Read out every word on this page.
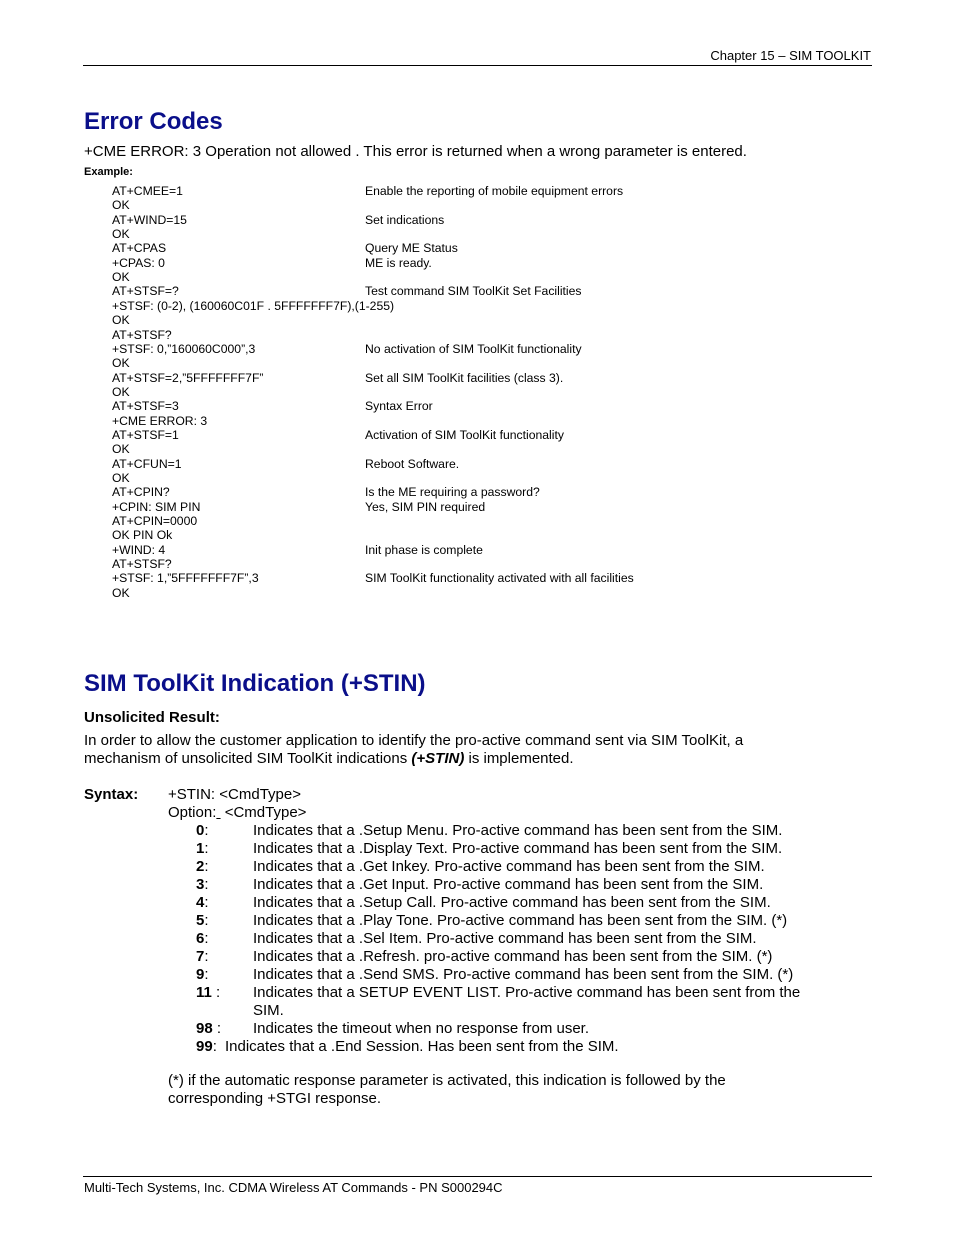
Chapter 15 – SIM TOOLKIT
Error Codes
+CME ERROR: 3 Operation not allowed . This error is returned when a wrong parameter is entered.
Example:
AT+CMEE=1	Enable the reporting of mobile equipment errors
OK
AT+WIND=15	Set indications
OK
AT+CPAS	Query ME Status
+CPAS: 0	ME is ready.
OK
AT+STSF=?	Test command SIM ToolKit Set Facilities
+STSF: (0-2), (160060C01F . 5FFFFFFF7F),(1-255)
OK
AT+STSF?
+STSF: 0,”160060C000”,3	No activation of SIM ToolKit functionality
OK
AT+STSF=2,”5FFFFFFF7F”	Set all SIM ToolKit facilities (class 3).
OK
AT+STSF=3	Syntax Error
+CME ERROR: 3
AT+STSF=1	Activation of SIM ToolKit functionality
OK
AT+CFUN=1	Reboot Software.
OK
AT+CPIN?	Is the ME requiring a password?
+CPIN: SIM PIN	Yes, SIM PIN required
AT+CPIN=0000
OK PIN Ok
+WIND: 4	Init phase is complete
AT+STSF?
+STSF: 1,”5FFFFFFF7F”,3	SIM ToolKit functionality activated with all facilities
OK
SIM ToolKit Indication (+STIN)
Unsolicited Result:
In order to allow the customer application to identify the pro-active command sent via SIM ToolKit, a mechanism of unsolicited SIM ToolKit indications (+STIN) is implemented.
Syntax: +STIN: <CmdType>
Option:  <CmdType>
0:	Indicates that a .Setup Menu. Pro-active command has been sent from the SIM.
1:	Indicates that a .Display Text. Pro-active command has been sent from the SIM.
2:	Indicates that a .Get Inkey. Pro-active command has been sent from the SIM.
3:	Indicates that a .Get Input. Pro-active command has been sent from the SIM.
4:	Indicates that a .Setup Call. Pro-active command has been sent from the SIM.
5:	Indicates that a .Play Tone. Pro-active command has been sent from the SIM. (*)
6:	Indicates that a .Sel Item. Pro-active command has been sent from the SIM.
7:	Indicates that a .Refresh. pro-active command has been sent from the SIM. (*)
9:	Indicates that a .Send SMS. Pro-active command has been sent from the SIM. (*)
11 : Indicates that a SETUP EVENT LIST. Pro-active command has been sent from the SIM.
98 : Indicates the timeout when no response from user.
99: Indicates that a .End Session. Has been sent from the SIM.
(*) if the automatic response parameter is activated, this indication is followed by the corresponding +STGI response.
Multi-Tech Systems, Inc. CDMA Wireless AT Commands - PN S000294C
